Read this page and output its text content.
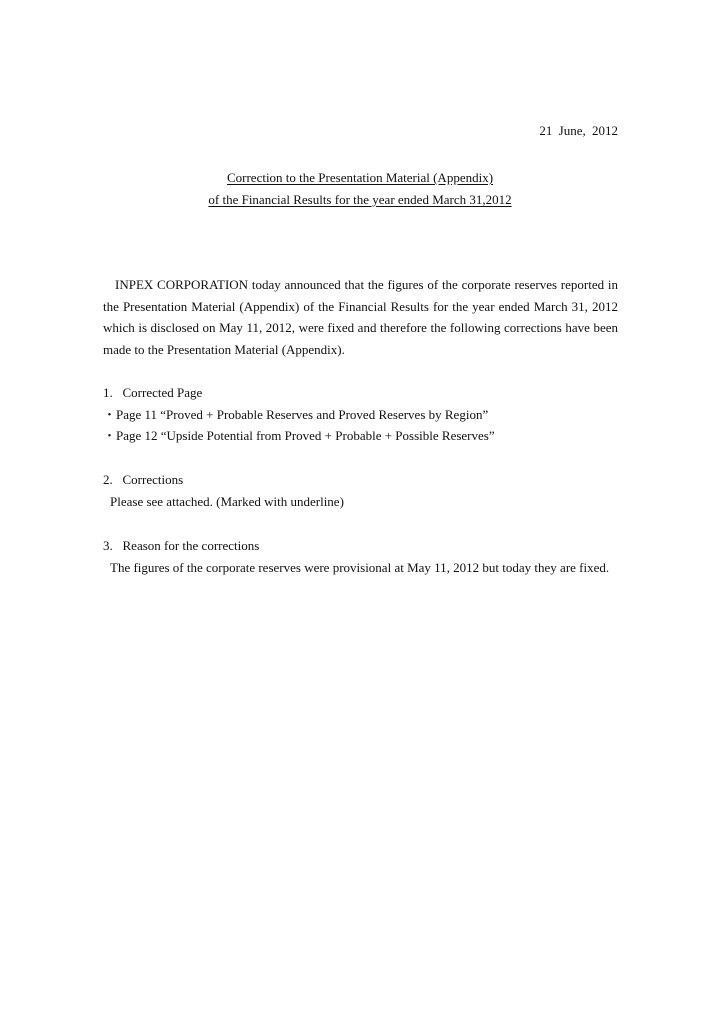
21 June, 2012
Correction to the Presentation Material (Appendix)
of the Financial Results for the year ended March 31,2012

INPEX CORPORATION today announced that the figures of the corporate reserves reported in the Presentation Material (Appendix) of the Financial Results for the year ended March 31, 2012 which is disclosed on May 11, 2012, were fixed and therefore the following corrections have been made to the Presentation Material (Appendix).

1.   Corrected Page
・Page 11 “Proved + Probable Reserves and Proved Reserves by Region”
・Page 12 “Upside Potential from Proved + Probable + Possible Reserves”
2.   Corrections
Please see attached. (Marked with underline)
3.   Reason for the corrections
The figures of the corporate reserves were provisional at May 11, 2012 but today they are fixed.
